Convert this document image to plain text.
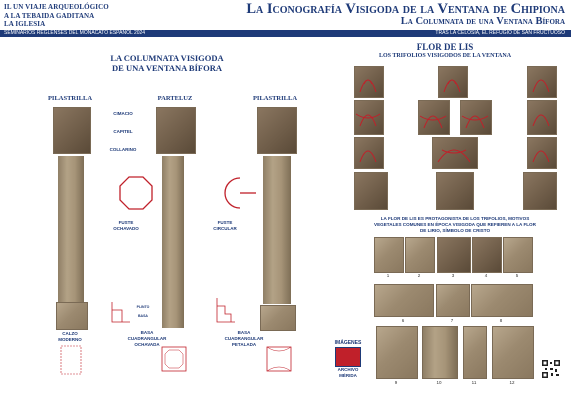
IL UN VIAJE ARQUEOLÓGICO
A LA TEBAIDA GADITANA
LA IGLESIA
La Iconografía Visigoda de la Ventana de Chipiona
La Columnata de una Ventana Bífora
SEMINARIOS REGLENSES DEL MONACATO ESPAÑOL 2024	TRAS LA CELOSÍA, EL REFUGIO DE SAN FRUCTUOSO
LA COLUMNATA VISIGODA
DE UNA VENTANA BÍFORA
PILASTRILLA	PARTELUZ	PILASTRILLA
CALZO
MODERNO
CIMACIO
CAPITEL
COLLARINO
FUSTE
OCHAVADO
PLINTO
BASA
BASA
CUADRANGULAR
OCHAVADA
FUSTE
CIRCULAR
BASA
CUADRANGULAR
PETALADA
FLOR DE LIS
LOS TRIFOLIOS VISIGODOS DE LA VENTANA
LA FLOR DE LIS ES PROTAGONISTA DE LOS TRIFOLIOS, MOTIVOS VEGETALES COMUNES EN ÉPOCA VISIGODA QUE REFIEREN A LA FLOR DE LIRIO, SÍMBOLO DE CRISTO
1	2	3	4	5
6	7	8
9	10	11	12
IMÁGENES
ARCHIVO
MÉRIDA
